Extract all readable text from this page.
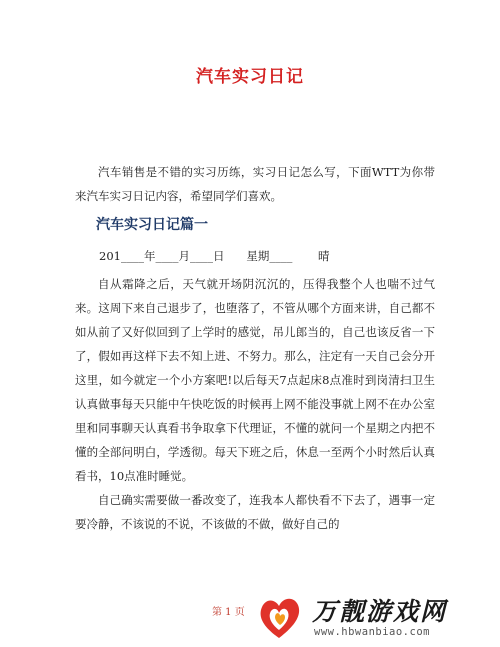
汽车实习日记
汽车销售是不错的实习历练，实习日记怎么写，下面WTT为你带来汽车实习日记内容，希望同学们喜欢。
汽车实习日记篇一
201____年____月____日      星期____       晴

自从霜降之后，天气就开场阴沉沉的，压得我整个人也喘不过气来。这周下来自己退步了，也堕落了，不管从哪个方面来讲，自己都不如从前了又好似回到了上学时的感觉，吊儿郎当的，自己也该反省一下了，假如再这样下去不知上进、不努力。那么，注定有一天自己会分开这里，如今就定一个小方案吧!以后每天7点起床8点准时到岗清扫卫生认真做事每天只能中午快吃饭的时候再上网不能没事就上网不在办公室里和同事聊天认真看书争取拿下代理证，不懂的就问一个星期之内把不懂的全部问明白，学透彻。每天下班之后，休息一至两个小时然后认真看书，10点准时睡觉。

自己确实需要做一番改变了，连我本人都快看不下去了，遇事一定要冷静，不该说的不说，不该做的不做，做好自己的

第 1 页	万靓游戏网
www.hbwanbiao.com
